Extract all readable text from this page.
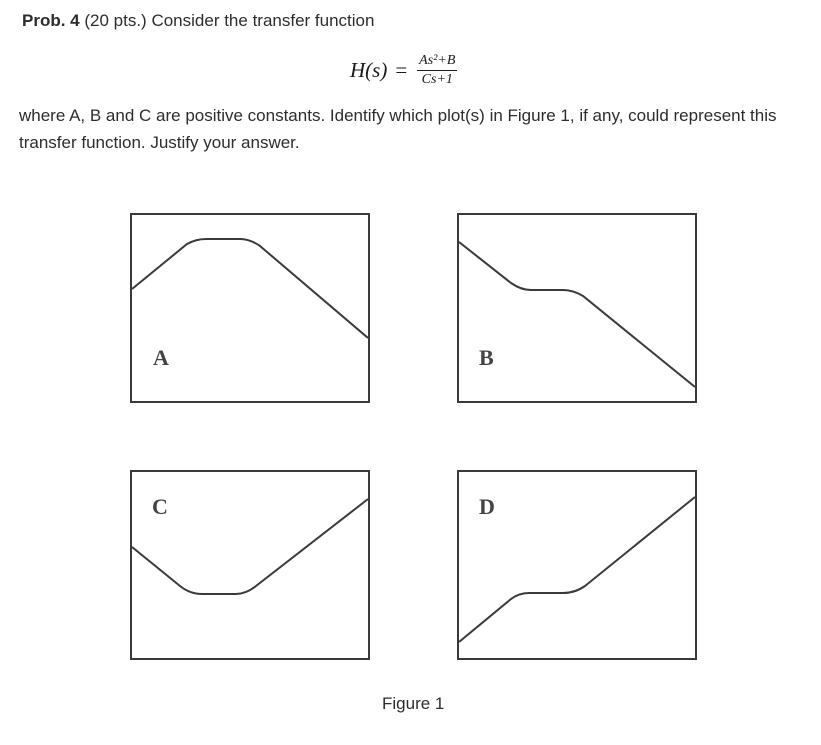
Prob. 4 (20 pts.) Consider the transfer function
$H(s) = \frac{\text{As²+B}}{Cs+1}$
where A, B and C are positive constants. Identify which plot(s) in Figure 1, if any, could represent this transfer function. Justify your answer.
A	B
C	D
Figure 1
